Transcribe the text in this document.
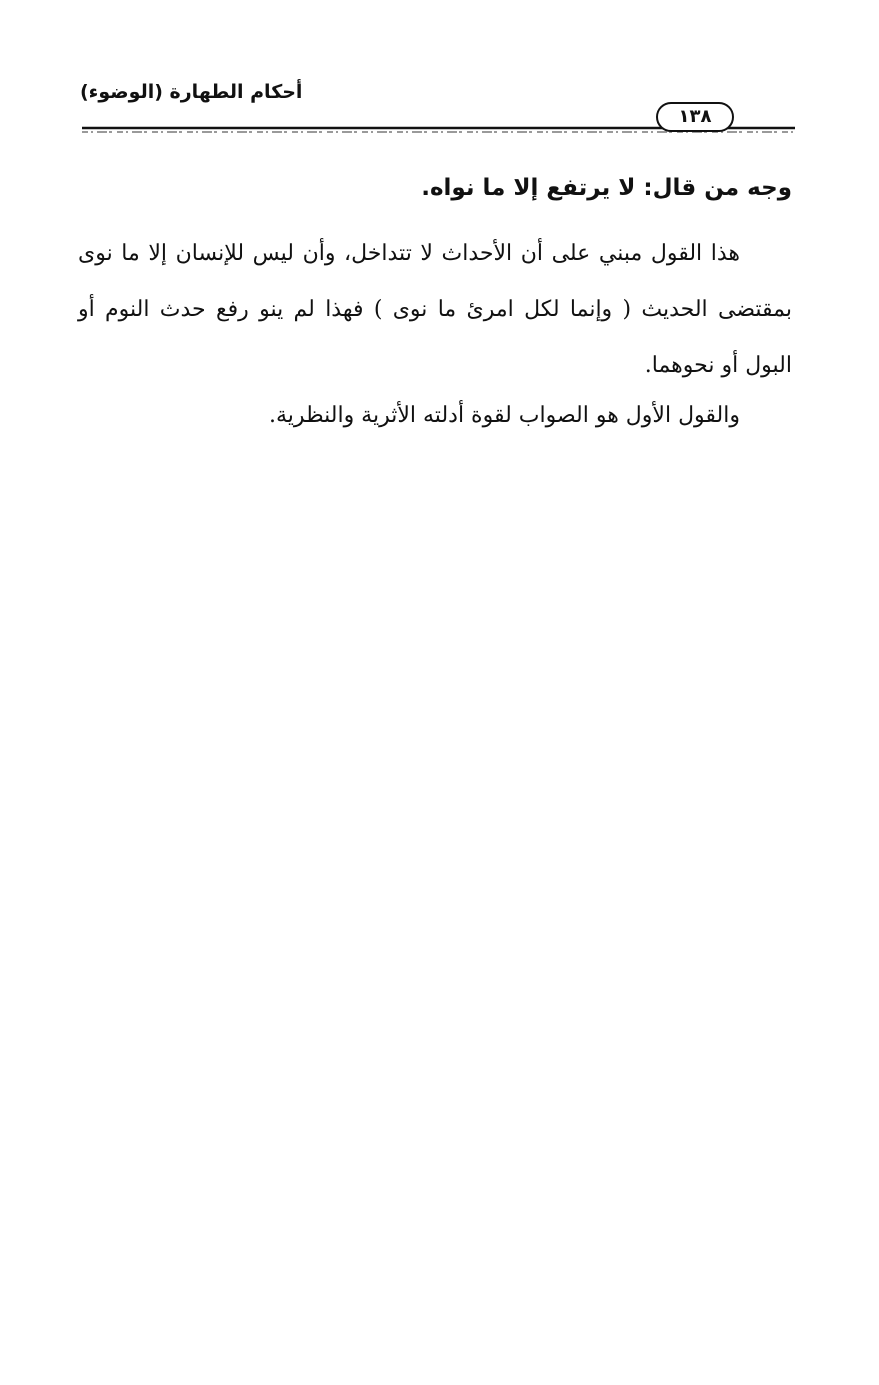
أحكام الطهارة (الوضوء)
١٣٨
وجه من قال: لا يرتفع إلا ما نواه.

هذا القول مبني على أن الأحداث لا تتداخل، وأن ليس للإنسان إلا ما نوى بمقتضى الحديث ( وإنما لكل امرئ ما نوى ) فهذا لم ينو رفع حدث النوم أو البول أو نحوهما.

والقول الأول هو الصواب لقوة أدلته الأثرية والنظرية.
